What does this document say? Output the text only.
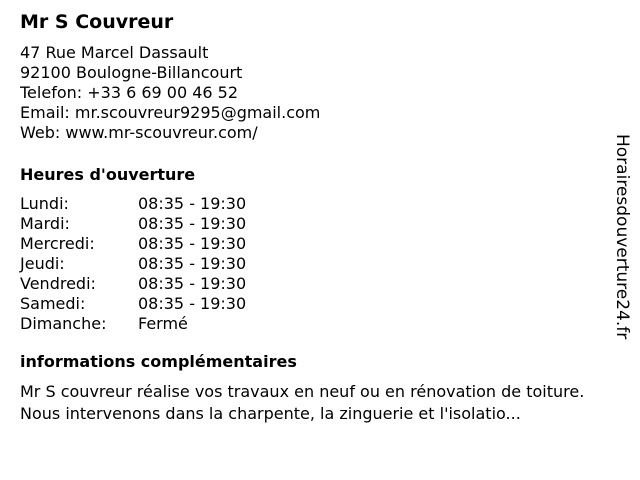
Mr S Couvreur
47 Rue Marcel Dassault
92100 Boulogne-Billancourt
Telefon: +33 6 69 00 46 52
Email: mr.scouvreur9295@gmail.com
Web: www.mr-scouvreur.com/
Heures d'ouverture
Lundi:	08:35 - 19:30
Mardi:	08:35 - 19:30
Mercredi:	08:35 - 19:30
Jeudi:	08:35 - 19:30
Vendredi:	08:35 - 19:30
Samedi:	08:35 - 19:30
Dimanche:	Fermé
informations complémentaires
Mr S couvreur réalise vos travaux en neuf ou en rénovation de toiture. Nous intervenons dans la charpente, la zinguerie et l'isolatio...
Horairesdouverture24.fr
